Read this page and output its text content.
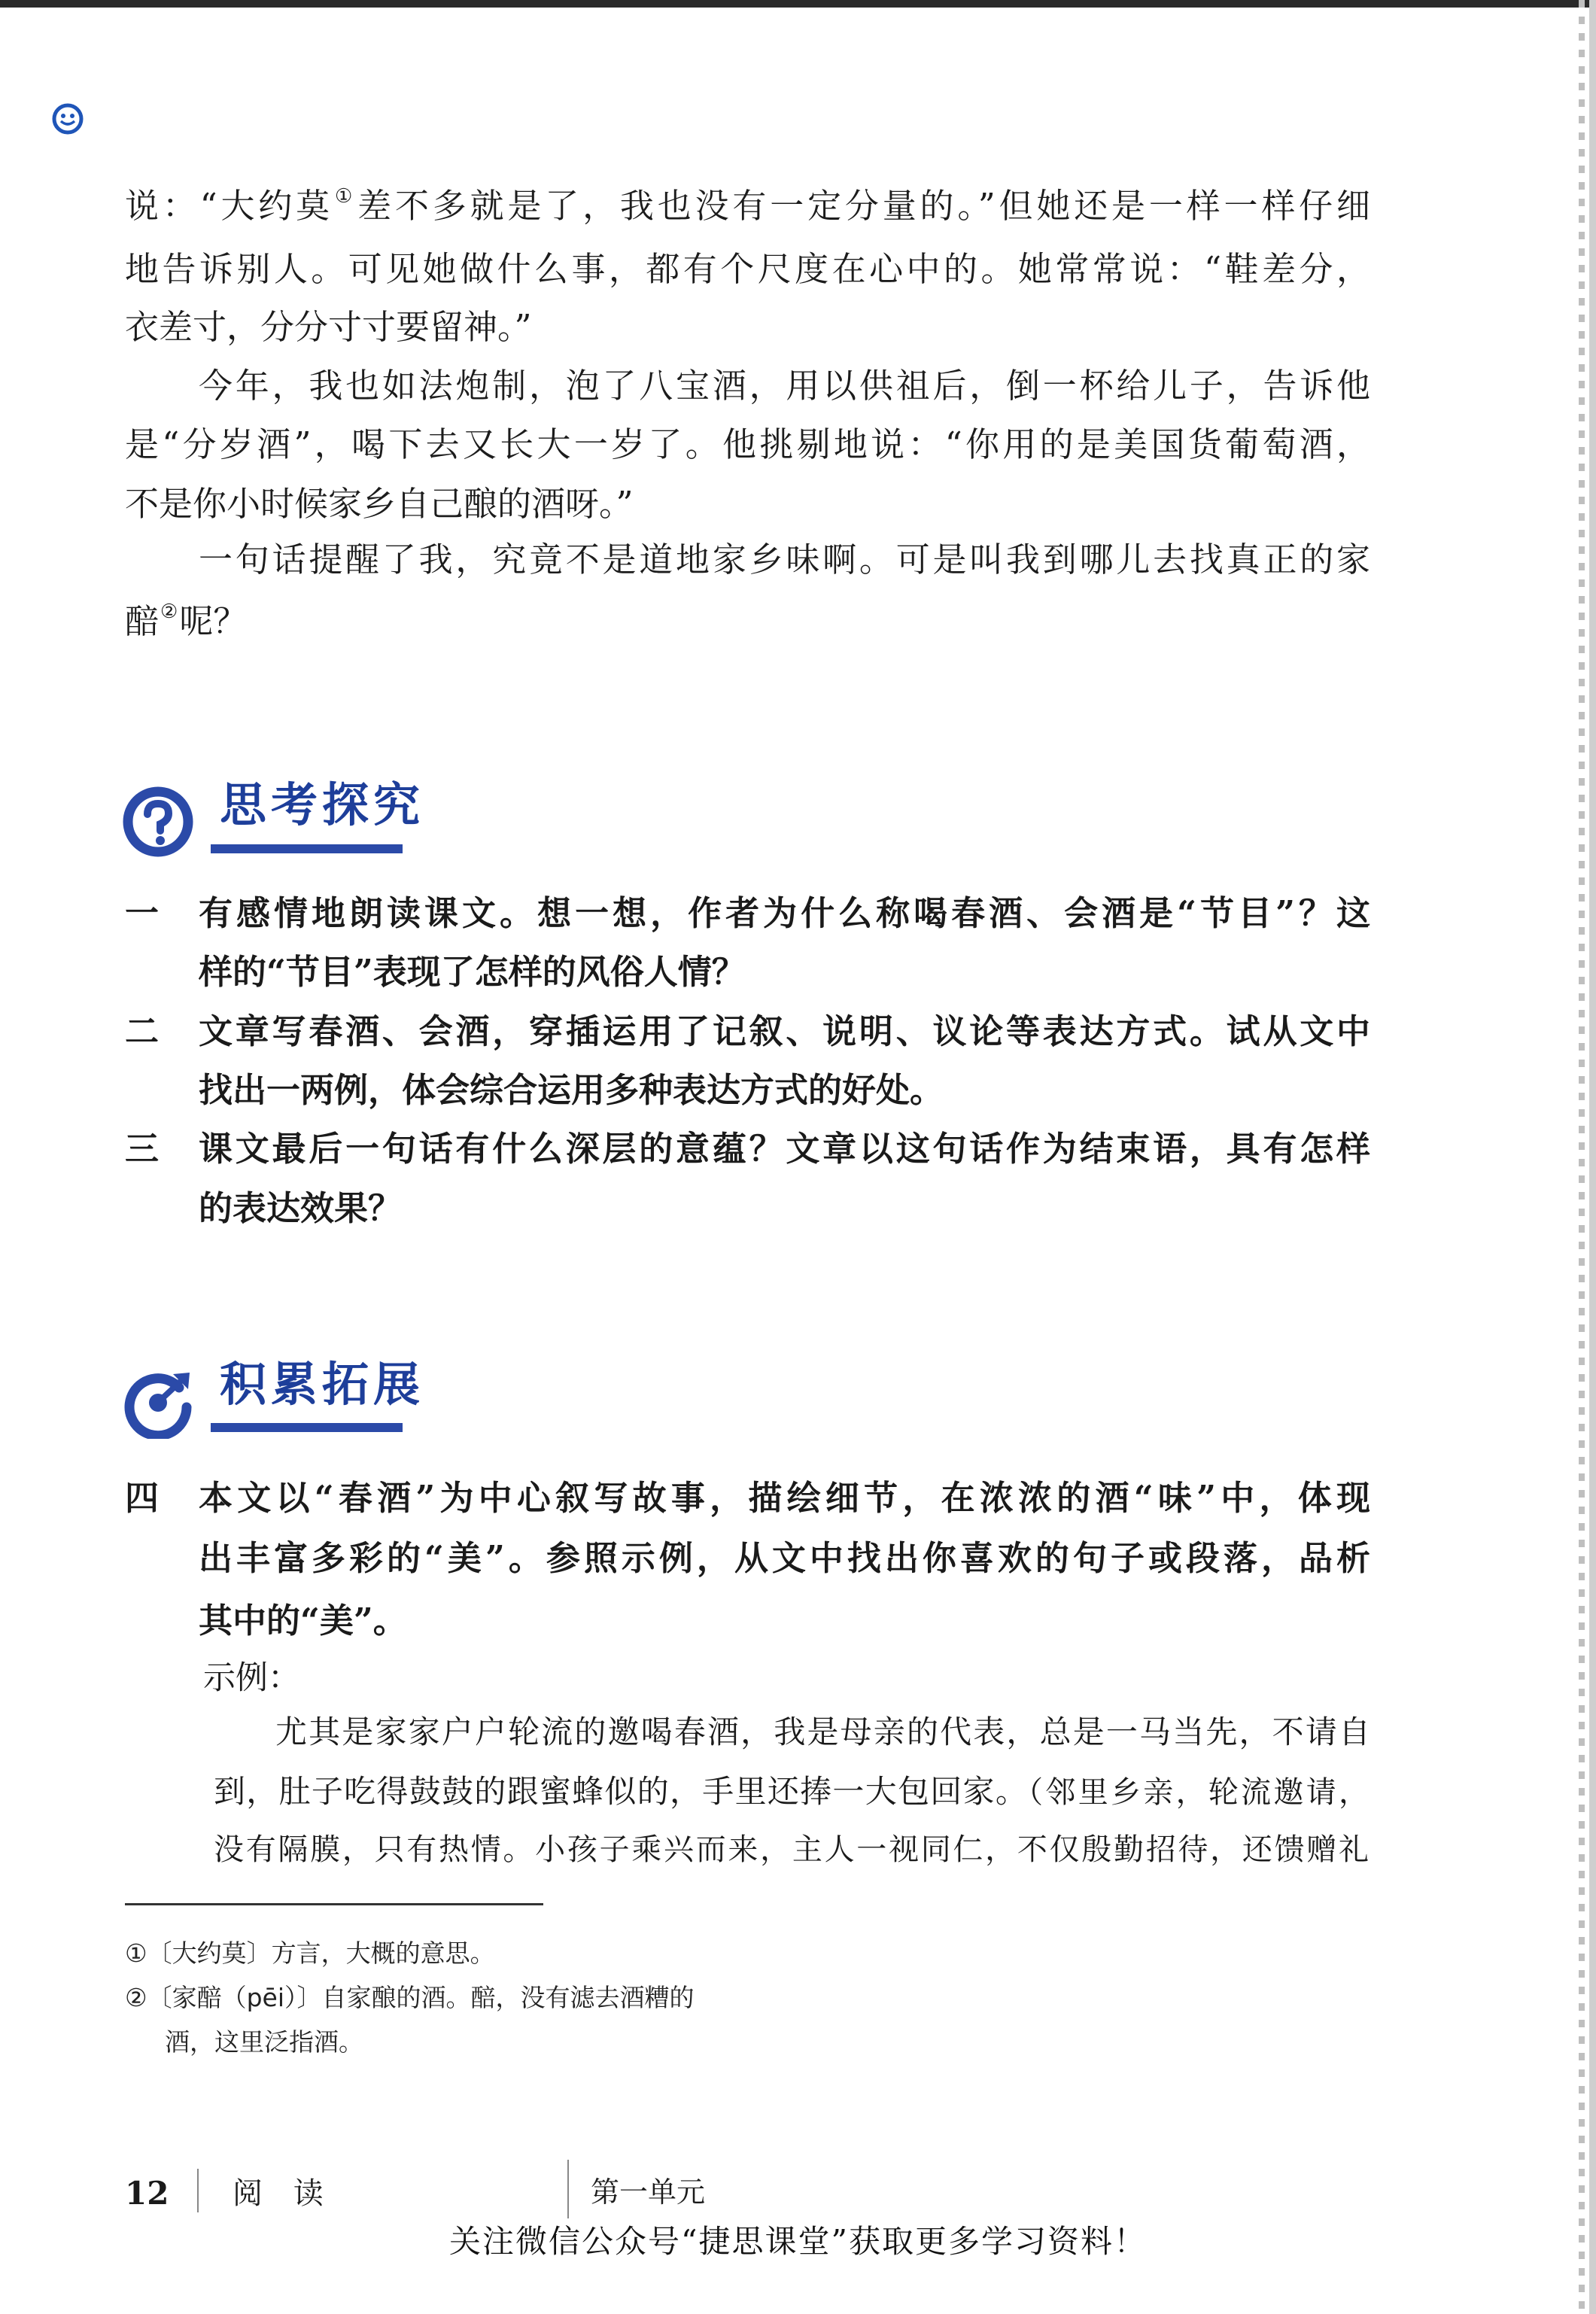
说：“大约莫①差不多就是了，我也没有一定分量的。”但她还是一样一样仔细
地告诉别人。可见她做什么事，都有个尺度在心中的。她常常说：“鞋差分，
衣差寸，分分寸寸要留神。”
今年，我也如法炮制，泡了八宝酒，用以供祖后，倒一杯给儿子，告诉他
是“分岁酒”，喝下去又长大一岁了。他挑剔地说：“你用的是美国货葡萄酒，
不是你小时候家乡自己酿的酒呀。”
一句话提醒了我，究竟不是道地家乡味啊。可是叫我到哪儿去找真正的家
醅②呢？
思考探究
一 有感情地朗读课文。想一想，作者为什么称喝春酒、会酒是“节目”？这
样的“节目”表现了怎样的风俗人情？
二 文章写春酒、会酒，穿插运用了记叙、说明、议论等表达方式。试从文中
找出一两例，体会综合运用多种表达方式的好处。
三 课文最后一句话有什么深层的意蕴？文章以这句话作为结束语，具有怎样
的表达效果？
积累拓展
四 本文以“春酒”为中心叙写故事，描绘细节，在浓浓的酒“味”中，体现
出丰富多彩的“美”。参照示例，从文中找出你喜欢的句子或段落，品析
其中的“美”。
示例：
尤其是家家户户轮流的邀喝春酒，我是母亲的代表，总是一马当先，不请自
到，肚子吃得鼓鼓的跟蜜蜂似的，手里还捧一大包回家。（邻里乡亲，轮流邀请，
没有隔膜，只有热情。小孩子乘兴而来，主人一视同仁，不仅殷勤招待，还馈赠礼
①〔大约莫〕方言，大概的意思。
②〔家醅（pēi）〕自家酿的酒。醅，没有滤去酒糟的
酒，这里泛指酒。
12 阅 读	第一单元
关注微信公众号“捷思课堂”获取更多学习资料！
